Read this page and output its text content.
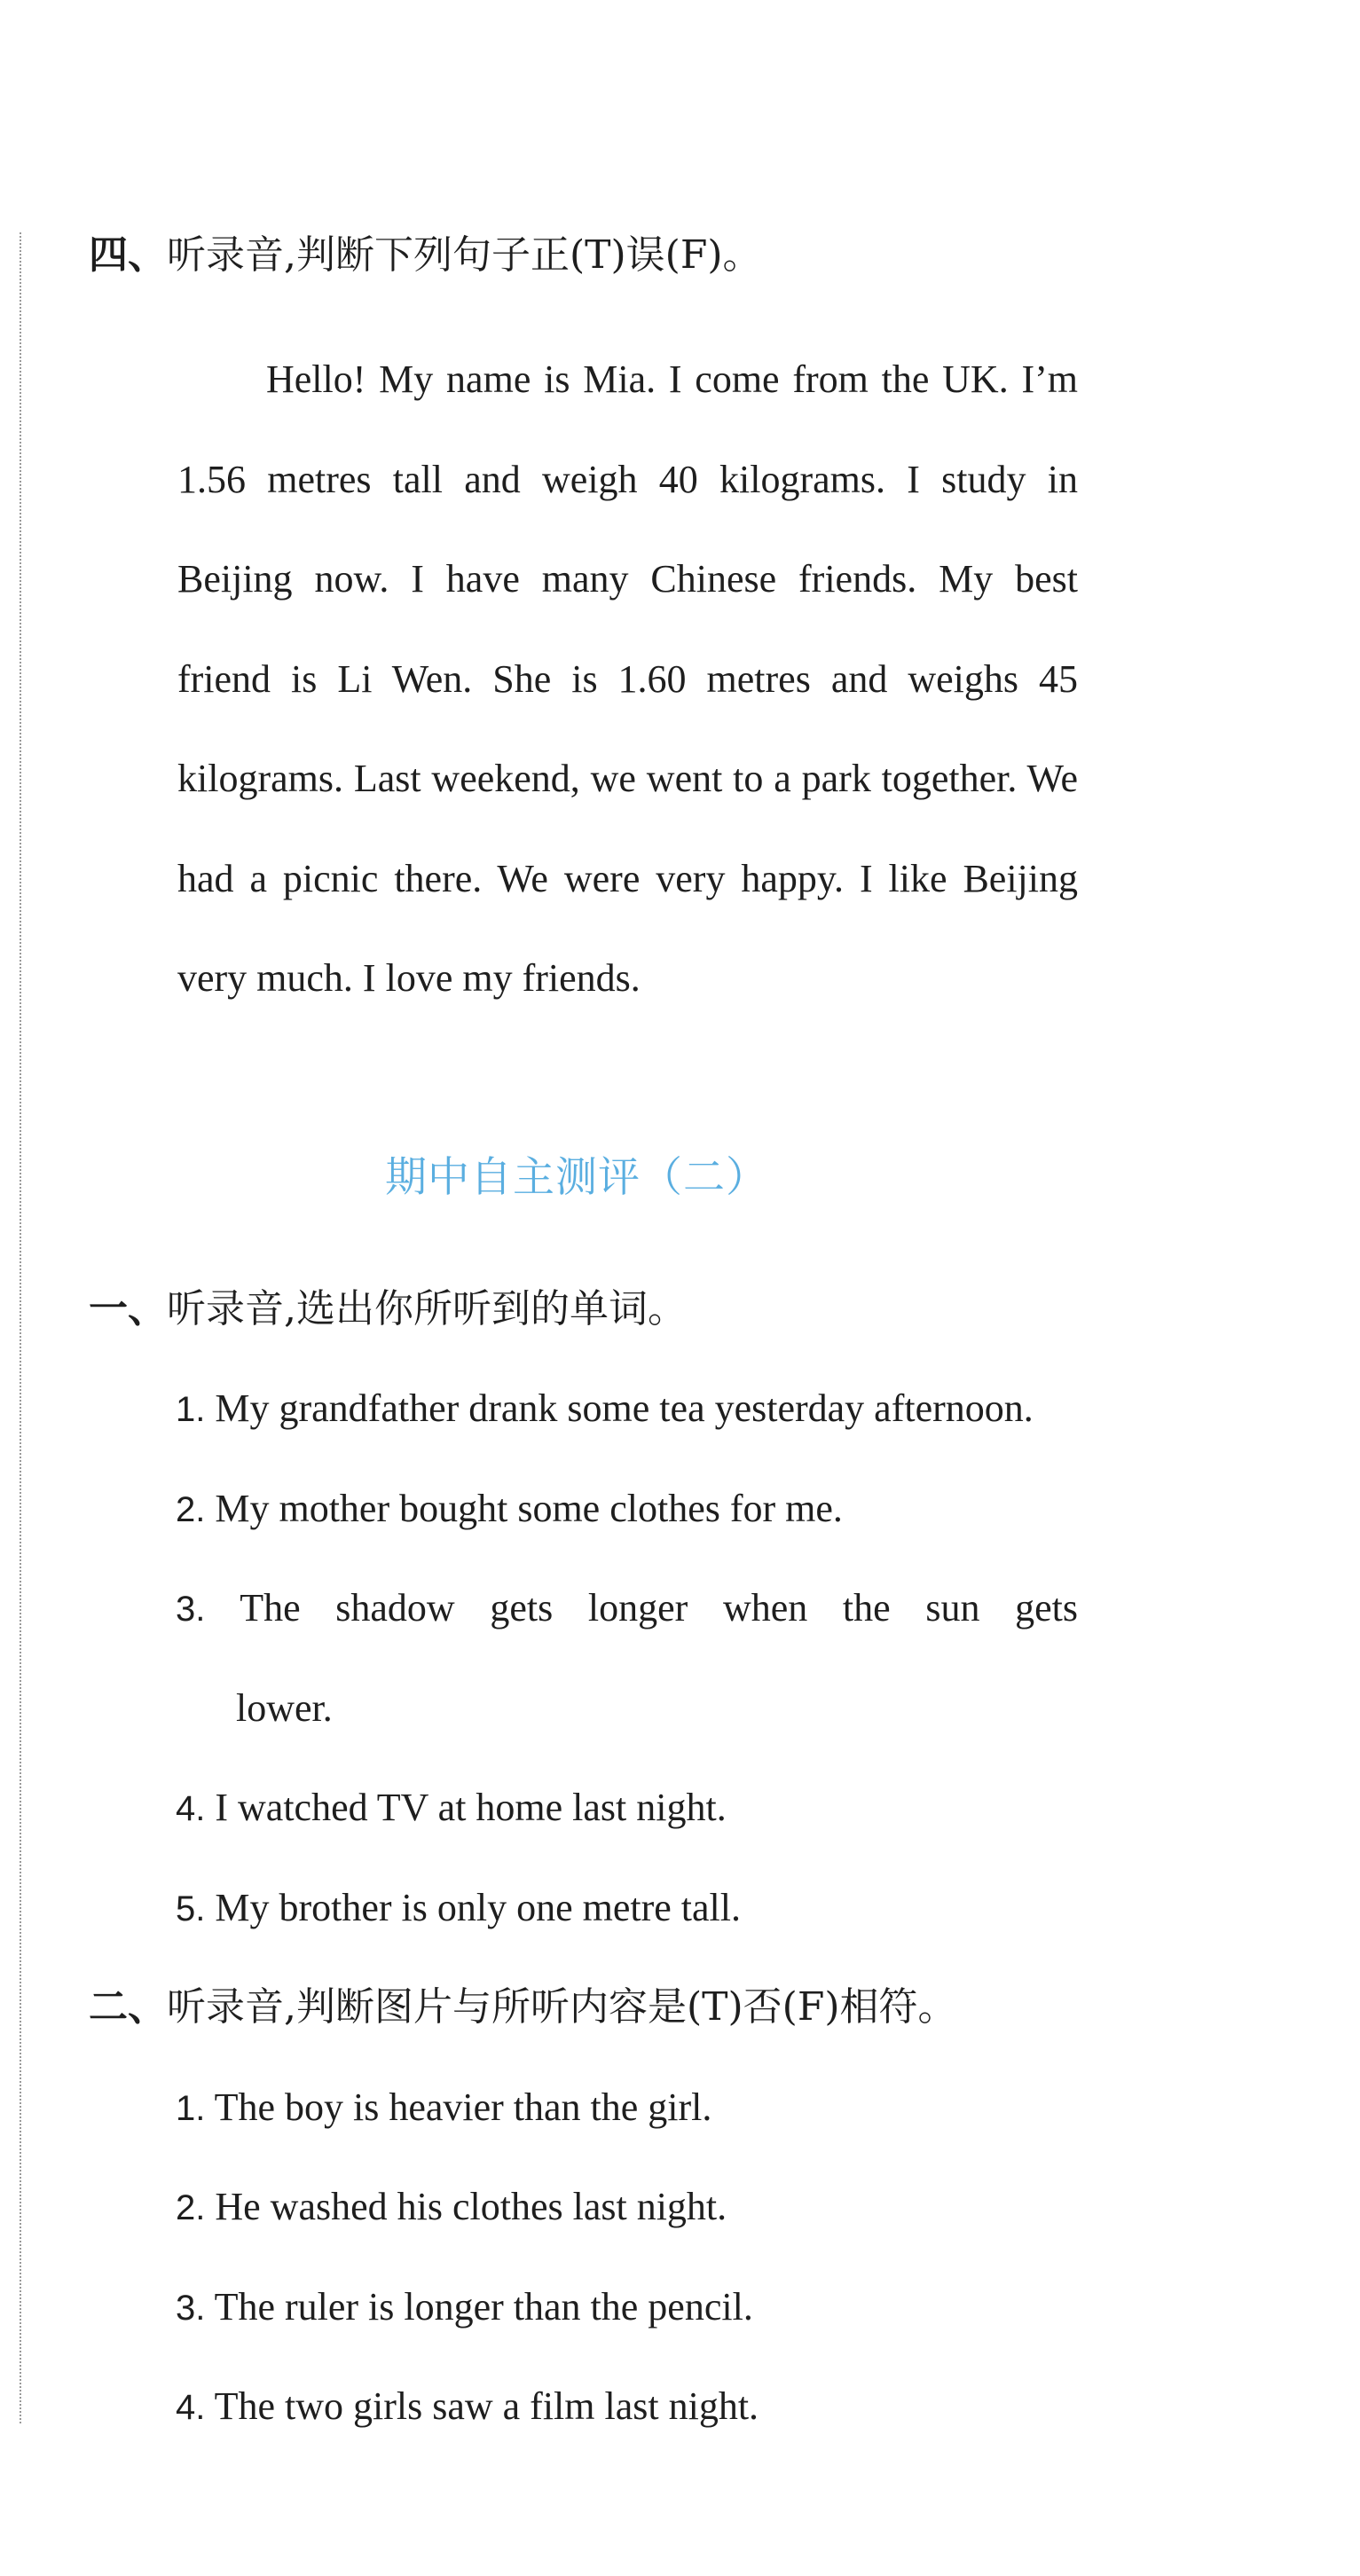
四、听录音,判断下列句子正(T)误(F)。

Hello! My name is Mia. I come from the UK. I’m 1.56 metres tall and weigh 40 kilograms. I study in Beijing now. I have many Chinese friends. My best friend is Li Wen. She is 1.60 metres and weighs 45 kilograms. Last weekend, we went to a park together. We had a picnic there. We were very happy. I like Beijing very much. I love my friends.

期中自主测评（二）
一、听录音,选出你所听到的单词。
1. My grandfather drank some tea yesterday afternoon.
2. My mother bought some clothes for me.
3. The shadow gets longer when the sun gets
lower.
4. I watched TV at home last night.
5. My brother is only one metre tall.
二、听录音,判断图片与所听内容是(T)否(F)相符。
1. The boy is heavier than the girl.
2. He washed his clothes last night.
3. The ruler is longer than the pencil.
4. The two girls saw a film last night.
